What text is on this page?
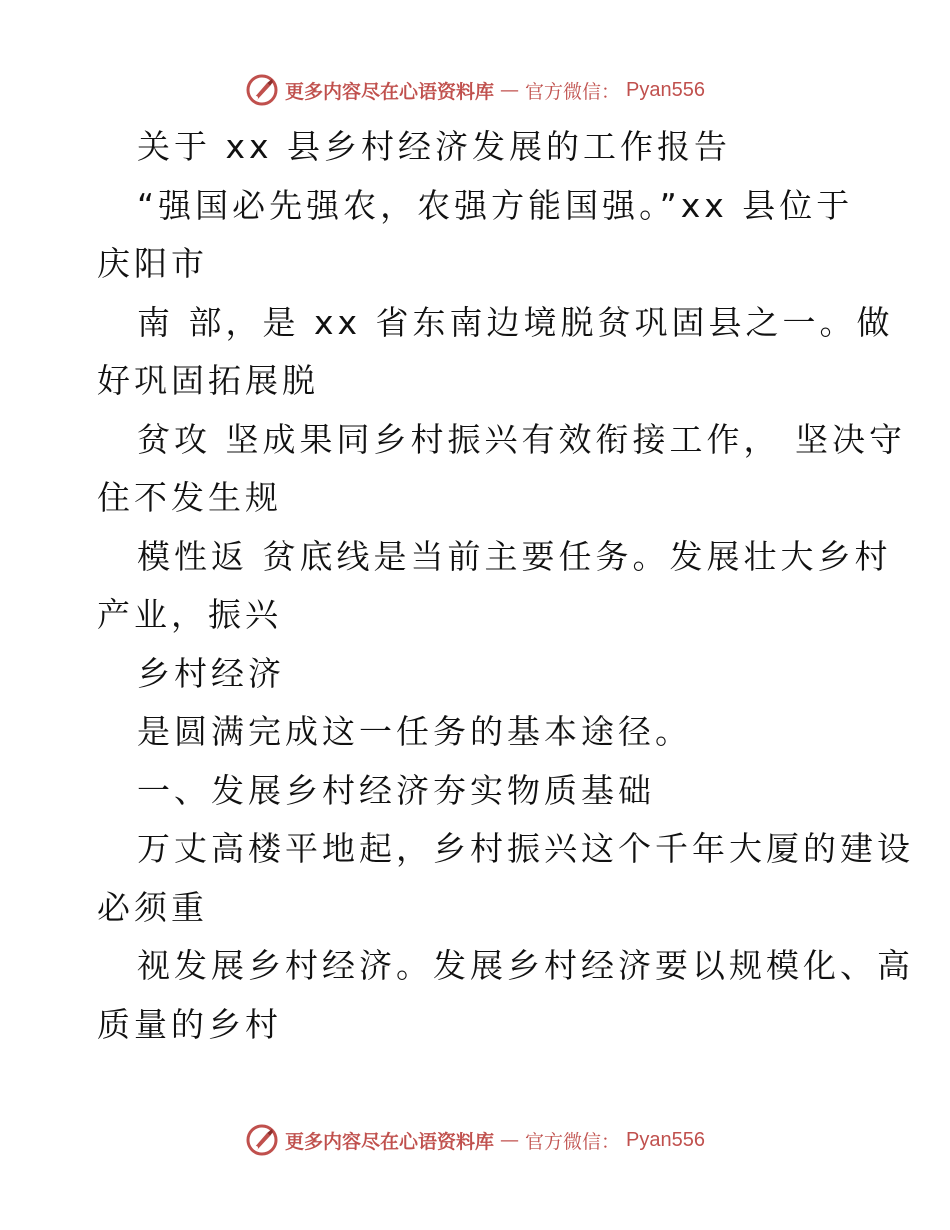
更多内容尽在心语资料库 — 官方微信： Pyan556
关于 xx 县乡村经济发展的工作报告
“强国必先强农，农强方能国强。”xx 县位于
庆阳市
南 部，是 xx 省东南边境脱贫巩固县之一。做
好巩固拓展脱
贫攻 坚成果同乡村振兴有效衔接工作， 坚决守
住不发生规
模性返 贫底线是当前主要任务。发展壮大乡村
产业，振兴
乡村经济
是圆满完成这一任务的基本途径。
一、发展乡村经济夯实物质基础
万丈高楼平地起，乡村振兴这个千年大厦的建设
必须重
视发展乡村经济。发展乡村经济要以规模化、高
质量的乡村
更多内容尽在心语资料库 — 官方微信： Pyan556
